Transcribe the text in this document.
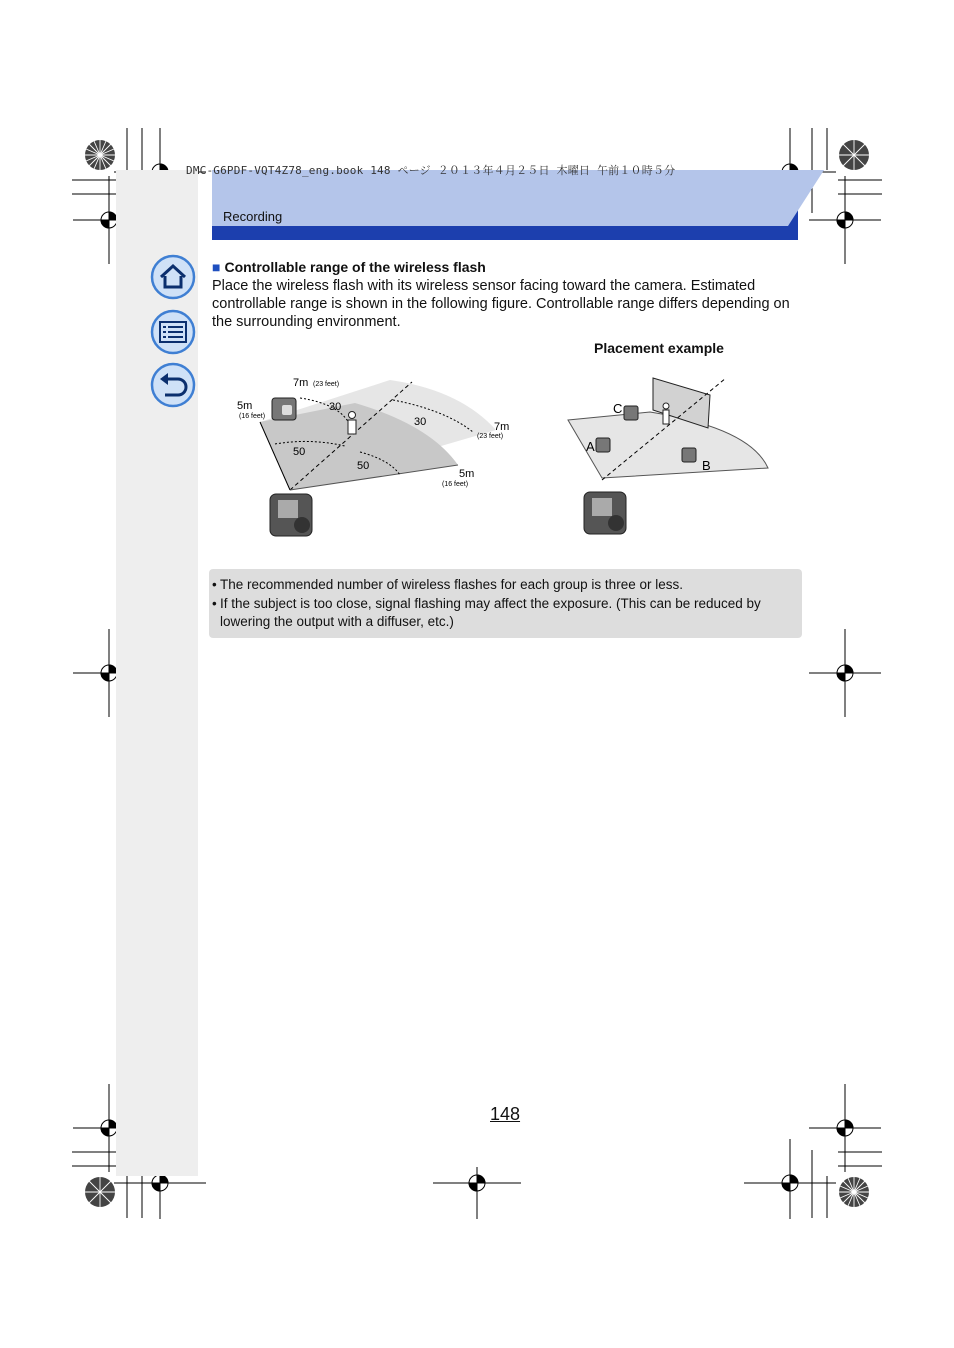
DMC-G6PDF-VQT4Z78_eng.book 148 ページ ２０１３年４月２５日 木曜日 午前１０時５分
Recording
■ Controllable range of the wireless flash
Place the wireless flash with its wireless sensor facing toward the camera. Estimated controllable range is shown in the following figure. Controllable range differs depending on the surrounding environment.
Placement example
7m (23 feet)
5m
(16 feet)
30
30
50
50
7m
(23 feet)
5m
(16 feet)
C
A
B
• The recommended number of wireless flashes for each group is three or less.
• If the subject is too close, signal flashing may affect the exposure. (This can be reduced by lowering the output with a diffuser, etc.)
148
